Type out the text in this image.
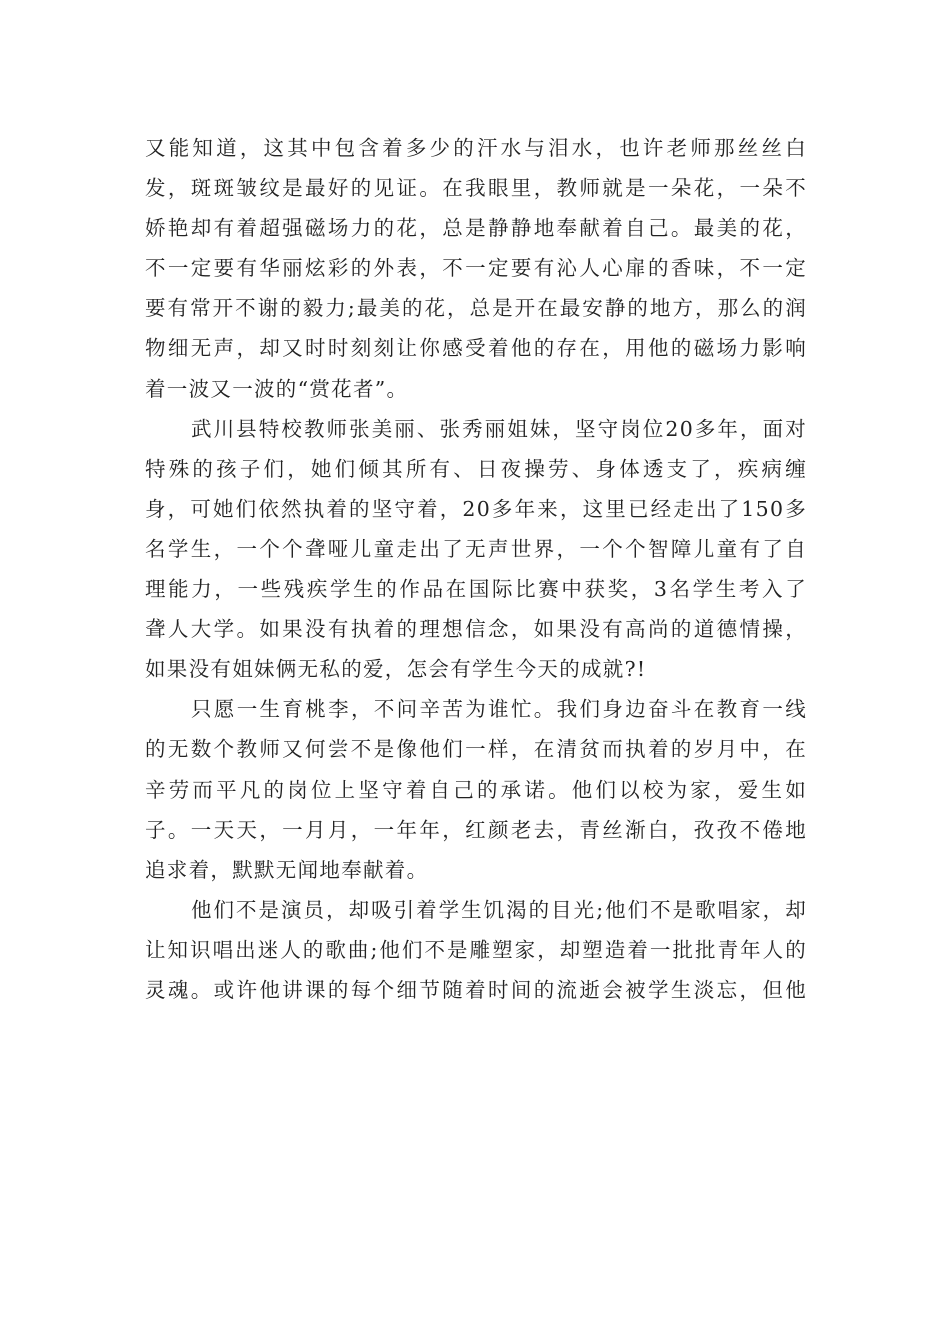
又能知道，这其中包含着多少的汗水与泪水，也许老师那丝丝白
发，斑斑皱纹是最好的见证。在我眼里，教师就是一朵花，一朵不
娇艳却有着超强磁场力的花，总是静静地奉献着自己。最美的花，
不一定要有华丽炫彩的外表，不一定要有沁人心扉的香味，不一定
要有常开不谢的毅力;最美的花，总是开在最安静的地方，那么的润
物细无声，却又时时刻刻让你感受着他的存在，用他的磁场力影响
着一波又一波的“赏花者”。
武川县特校教师张美丽、张秀丽姐妹，坚守岗位20多年，面对
特殊的孩子们，她们倾其所有、日夜操劳、身体透支了，疾病缠
身，可她们依然执着的坚守着，20多年来，这里已经走出了150多
名学生，一个个聋哑儿童走出了无声世界，一个个智障儿童有了自
理能力，一些残疾学生的作品在国际比赛中获奖，3名学生考入了
聋人大学。如果没有执着的理想信念，如果没有高尚的道德情操，
如果没有姐妹俩无私的爱，怎会有学生今天的成就?!
只愿一生育桃李，不问辛苦为谁忙。我们身边奋斗在教育一线
的无数个教师又何尝不是像他们一样，在清贫而执着的岁月中，在
辛劳而平凡的岗位上坚守着自己的承诺。他们以校为家，爱生如
子。一天天，一月月，一年年，红颜老去，青丝渐白，孜孜不倦地
追求着，默默无闻地奉献着。
他们不是演员，却吸引着学生饥渴的目光;他们不是歌唱家，却
让知识唱出迷人的歌曲;他们不是雕塑家，却塑造着一批批青年人的
灵魂。或许他讲课的每个细节随着时间的流逝会被学生淡忘，但他
